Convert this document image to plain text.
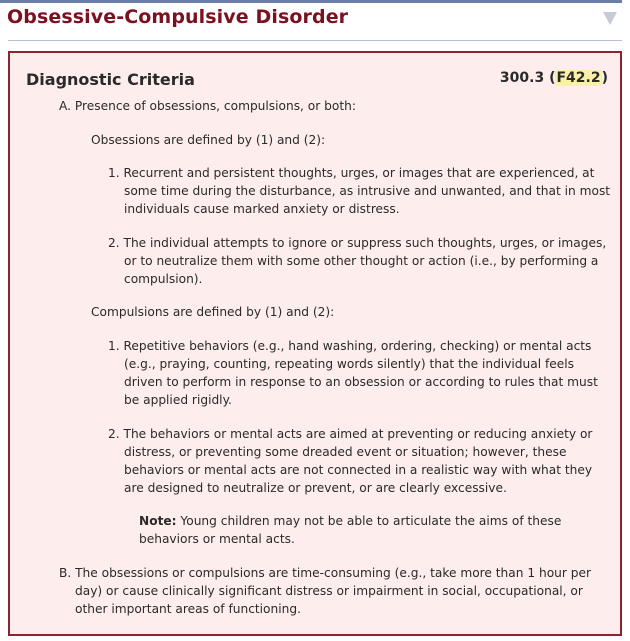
Obsessive-Compulsive Disorder
Diagnostic Criteria	300.3 (F42.2)
A. Presence of obsessions, compulsions, or both:
Obsessions are defined by (1) and (2):
1. Recurrent and persistent thoughts, urges, or images that are experienced, at
some time during the disturbance, as intrusive and unwanted, and that in most
individuals cause marked anxiety or distress.
2. The individual attempts to ignore or suppress such thoughts, urges, or images,
or to neutralize them with some other thought or action (i.e., by performing a
compulsion).
Compulsions are defined by (1) and (2):
1. Repetitive behaviors (e.g., hand washing, ordering, checking) or mental acts
(e.g., praying, counting, repeating words silently) that the individual feels
driven to perform in response to an obsession or according to rules that must
be applied rigidly.
2. The behaviors or mental acts are aimed at preventing or reducing anxiety or
distress, or preventing some dreaded event or situation; however, these
behaviors or mental acts are not connected in a realistic way with what they
are designed to neutralize or prevent, or are clearly excessive.
Note: Young children may not be able to articulate the aims of these
behaviors or mental acts.
B. The obsessions or compulsions are time-consuming (e.g., take more than 1 hour per
day) or cause clinically significant distress or impairment in social, occupational, or
other important areas of functioning.
